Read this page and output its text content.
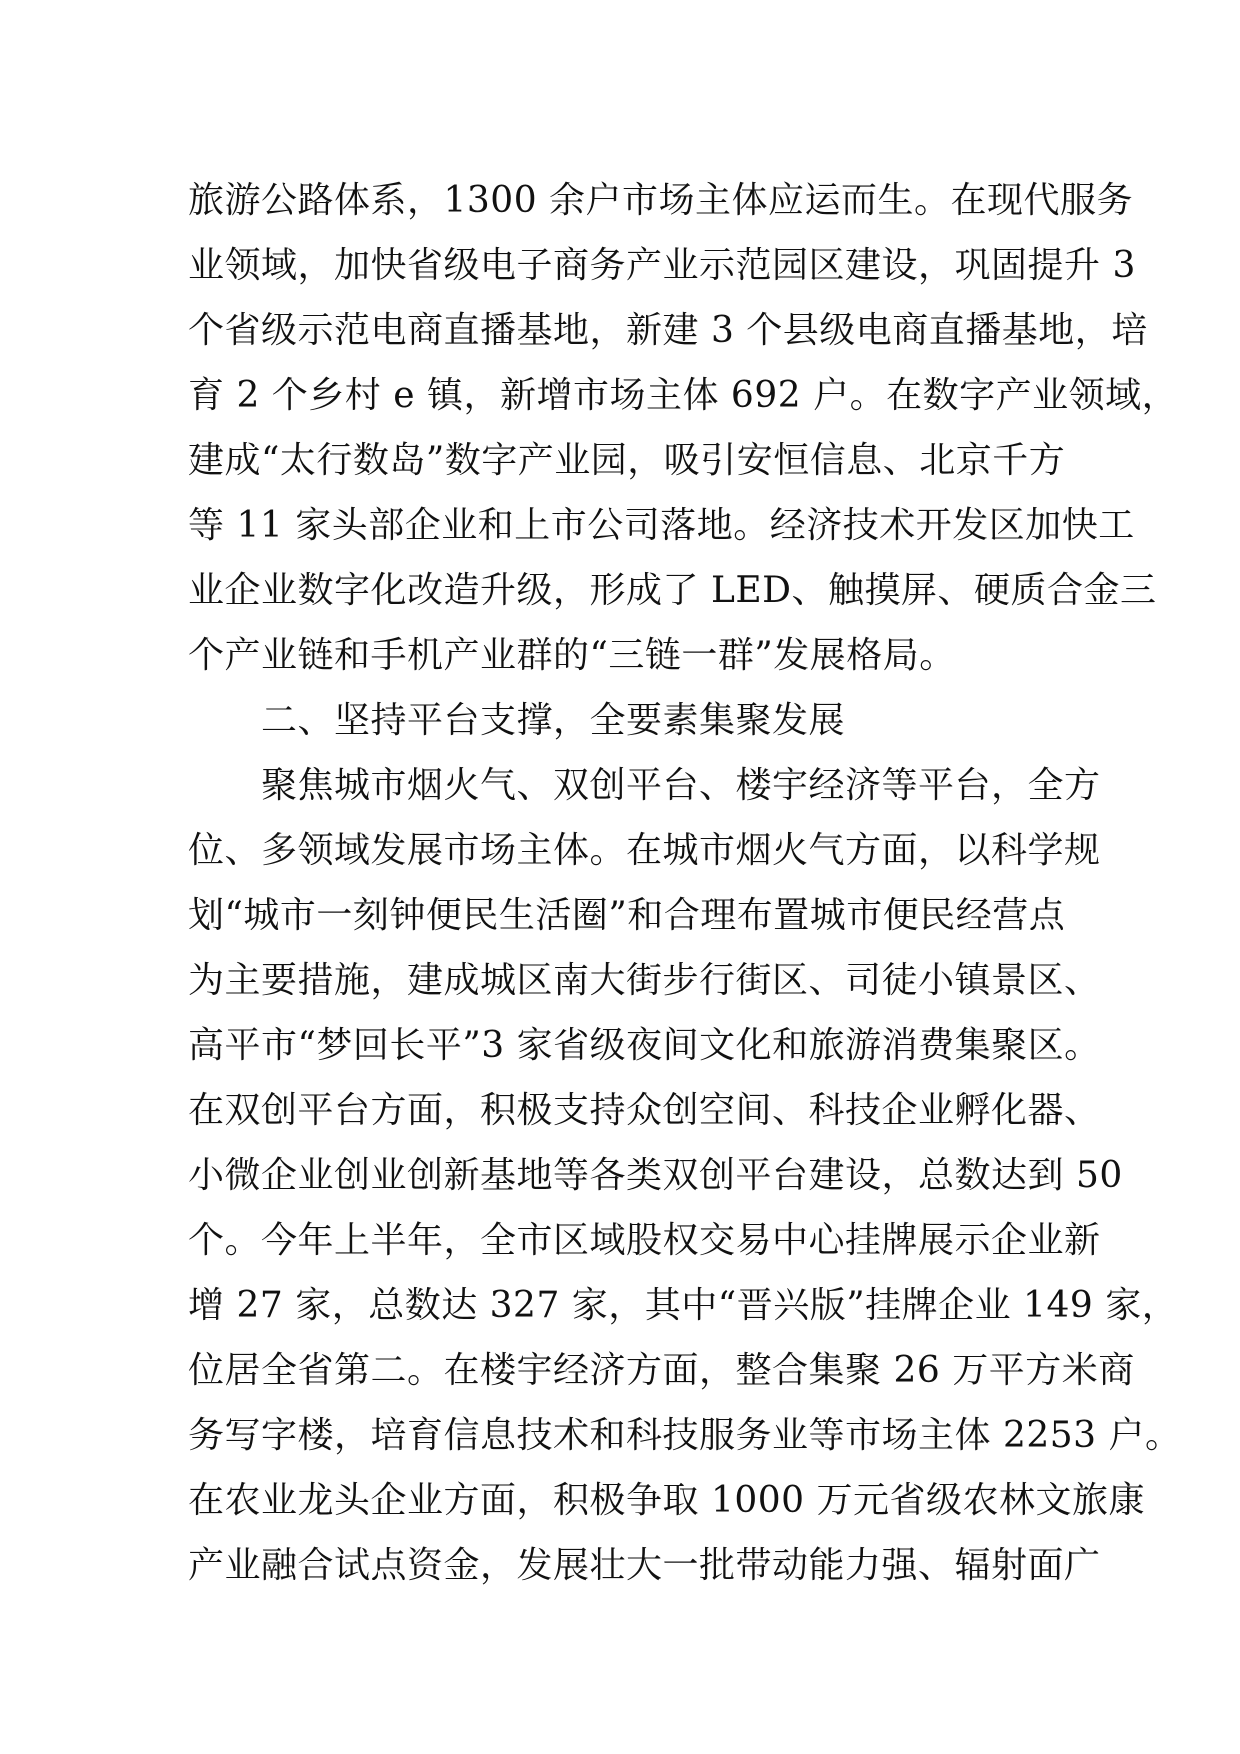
旅游公路体系，1300 余户市场主体应运而生。在现代服务
业领域，加快省级电子商务产业示范园区建设，巩固提升 3
个省级示范电商直播基地，新建 3 个县级电商直播基地，培
育 2 个乡村 e 镇，新增市场主体 692 户。在数字产业领域，
建成“太行数岛”数字产业园，吸引安恒信息、北京千方
等 11 家头部企业和上市公司落地。经济技术开发区加快工
业企业数字化改造升级，形成了 LED、触摸屏、硬质合金三
个产业链和手机产业群的“三链一群”发展格局。
　　二、坚持平台支撑，全要素集聚发展
　　聚焦城市烟火气、双创平台、楼宇经济等平台，全方
位、多领域发展市场主体。在城市烟火气方面，以科学规
划“城市一刻钟便民生活圈”和合理布置城市便民经营点
为主要措施，建成城区南大街步行街区、司徒小镇景区、
高平市“梦回长平”3 家省级夜间文化和旅游消费集聚区。
在双创平台方面，积极支持众创空间、科技企业孵化器、
小微企业创业创新基地等各类双创平台建设，总数达到 50
个。今年上半年，全市区域股权交易中心挂牌展示企业新
增 27 家，总数达 327 家，其中“晋兴版”挂牌企业 149 家，
位居全省第二。在楼宇经济方面，整合集聚 26 万平方米商
务写字楼，培育信息技术和科技服务业等市场主体 2253 户。
在农业龙头企业方面，积极争取 1000 万元省级农林文旅康
产业融合试点资金，发展壮大一批带动能力强、辐射面广
